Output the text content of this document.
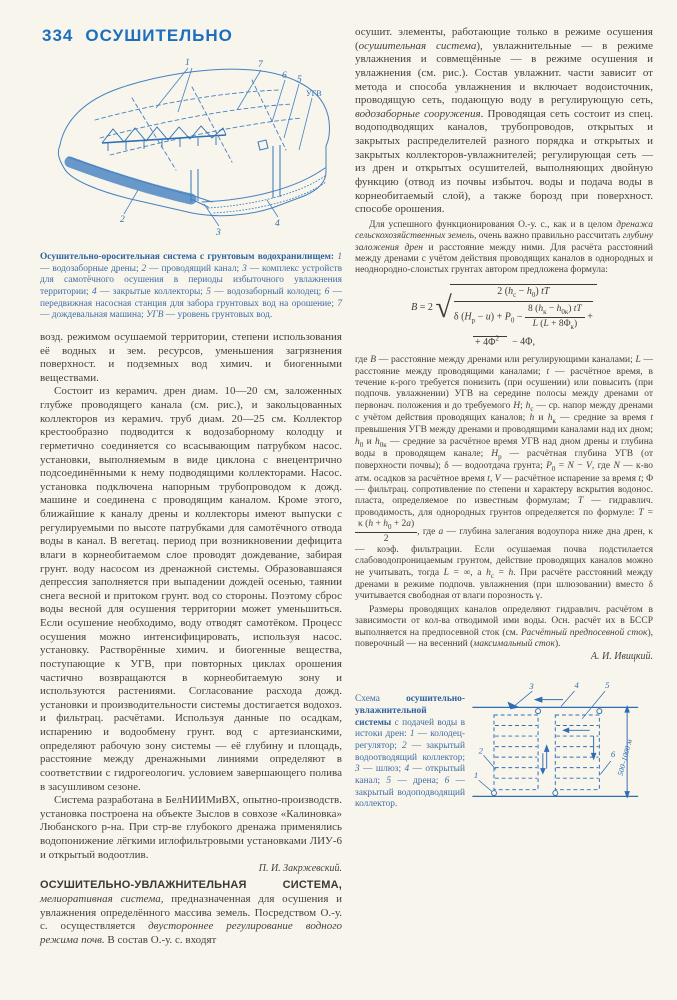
334 ОСУШИТЕЛЬНО
1	7
6 5
2
3
4
УГВ
Осушительно-оросительная система с грунтовым водохранилищем: 1 — водозаборные дрены; 2 — проводящий канал; 3 — комплекс устройств для самотёчного осушения в периоды избыточного увлажнения территории; 4 — закрытые коллекторы; 5 — водозаборный колодец; 6 — передвижная насосная станция для забора грунтовых вод на орошение; 7 — дождевальная машина; УГВ — уровень грунтовых вод.

возд. режимом осушаемой территории, степени использования её водных и зем. ресурсов, уменьшения загрязнения поверхност. и подземных вод химич. и биогенными веществами.

Состоит из керамич. дрен диам. 10—20 см, заложенных глубже проводящего канала (см. рис.), и закольцованных коллекторов из керамич. труб диам. 20—25 см. Коллектор крестообразно подводится к водозаборному колодцу и герметично соединяется со всасывающим патрубком насос. установки, выполняемым в виде циклона с внецентрично подсоединёнными к нему подводящими коллекторами. Насос. установка подключена напорным трубопроводом к дожд. машине и соединена с проводящим каналом. Кроме этого, ближайшие к каналу дрены и коллекторы имеют выпуски с регулируемыми по высоте патрубками для самотёчного отвода воды в канал. В вегетац. период при возникновении дефицита влаги в корнеобитаемом слое проводят дождевание, забирая грунт. воду насосом из дренажной системы. Образовавшаяся депрессия заполняется при выпадении дождей осенью, таянии снега весной и притоком грунт. вод со стороны. Поэтому сброс воды весной для осушения территории может уменьшиться. Если осушение необходимо, воду отводят самотёком. Процесс осушения можно интенсифицировать, используя насос. установку. Растворённые химич. и биогенные вещества, поступающие к УГВ, при повторных циклах орошения частично возвращаются в корнеобитаемую зону и используются растениями. Согласование расхода дожд. установки и производительности системы достигается водохоз. и фильтрац. расчётами. Используя данные по осадкам, испарению и водообмену грунт. вод с артезианскими, определяют рабочую зону системы — её глубину и площадь, расстояние между дренажными линиями определяют в соответствии с гидрогеологич. условием завершающего полива в засушливом сезоне.

Система разработана в БелНИИМиВХ, опытно-производств. установка построена на объекте Зыслов в совхозе «Калиновка» Любанского р-на. При стр-ве глубокого дренажа применялись водопонижение лёгкими иглофильтровыми установками ЛИУ-6 и открытый водоотлив.

П. И. Закржевский.

ОСУШИТЕЛЬНО-УВЛАЖНИТЕЛЬНАЯ СИСТЕМА, мелиоративная система, предназначенная для осушения и увлажнения определённого массива земель. Посредством О.-у. с. осуществляется двустороннее регулирование водного режима почв. В состав О.-у. с. входят

осушит. элементы, работающие только в режиме осушения (осушительная система), увлажнительные — в режиме увлажнения и совмещённые — в режиме осушения и увлажнения (см. рис.). Состав увлажнит. части зависит от метода и способа увлажнения и включает водоисточник, проводящую сеть, подающую воду в регулирующую сеть, водозаборные сооружения. Проводящая сеть состоит из спец. водоподводящих каналов, трубопроводов, открытых и закрытых распределителей разного порядка и открытых и закрытых коллекторов-увлажнителей; регулирующая сеть — из дрен и открытых осушителей, выполняющих двойную функцию (отвод из почвы избыточ. воды и подача воды в корнеобитаемый слой), а также борозд при поверхност. способе орошения.

Для успешного функционирования О.-у. с., как и в целом дренажа сельскохозяйственных земель, очень важно правильно рассчитать глубину заложения дрен и расстояние между ними. Для расчёта расстояний между дренами с учётом действия проводящих каналов в однородных и неоднородно-слоистых грунтах автором предложена формула:

B = 2 √	2 $(h_с - h_0)$ tT
δ $(H_р - u) + P_0$ −
8 $(h_к - h_{0к})$ tT
L $(L + 8\Phi_к)$
+
+ $4\Phi^2 - 4\Phi$,

где B — расстояние между дренами или регулирующими каналами; L — расстояние между проводящими каналами; t — расчётное время, в течение к-рого требуется понизить (при осушении) или повысить (при подпочв. увлажнении) УГВ на середине полосы между дренами от первонач. положения и до требуемого H; $h_с$ — ср. напор между дренами с учётом действия проводящих каналов; h и $h_к$ — средние за время t превышения УГВ между дренами и проводящими каналами над их дном; $h_0$ и $h_{0к}$ — средние за расчётное время УГВ над дном дрены и глубина воды в проводящем канале; $H_р$ — расчётная глубина УГВ (от поверхности почвы); δ — водоотдача грунта; $P_0 = N - V$, где N — к-во атм. осадков за расчётное время t, V — расчётное испарение за время t; Φ — фильтрац. сопротивление по степени и характеру вскрытия водонос. пласта, определяемое по известным формулам; T — гидравлич. проводимость, для однородных грунтов определяется по формуле: T =
$\frac{\kappa (h + h_0 + 2a)}{2}$ , где a — глубина залегания водоупора ниже дна дрен, κ — коэф. фильтрации. Если осушаемая почва подстилается слабоводопроницаемым грунтом, действие проводящих каналов можно не учитывать, тогда L = ∞, а $h_с = h$. При расчёте расстояний между дренами в режиме подпочв. увлажнения (при шлюзовании) вместо δ учитывается свободная от влаги порозность γ.

Размеры проводящих каналов определяют гидравлич. расчётом в зависимости от кол-ва отводимой ими воды. Осн. расчёт их в БССР выполняется на предпосевной сток (см. Расчётный предпосевной сток), поверочный — на весенний (максимальный сток).

А. И. Ивицкий.
Схема осушительно-увлажнительной системы с подачей воды в истоки дрен: 1 — колодец-регулятор; 2 — закрытый водоотводящий коллектор; 3 — шлюз; 4 — открытый канал; 5 — дрена; 6 — закрытый водоподводящий коллектор.
3	4	5
2
1
6 500–1000 м
